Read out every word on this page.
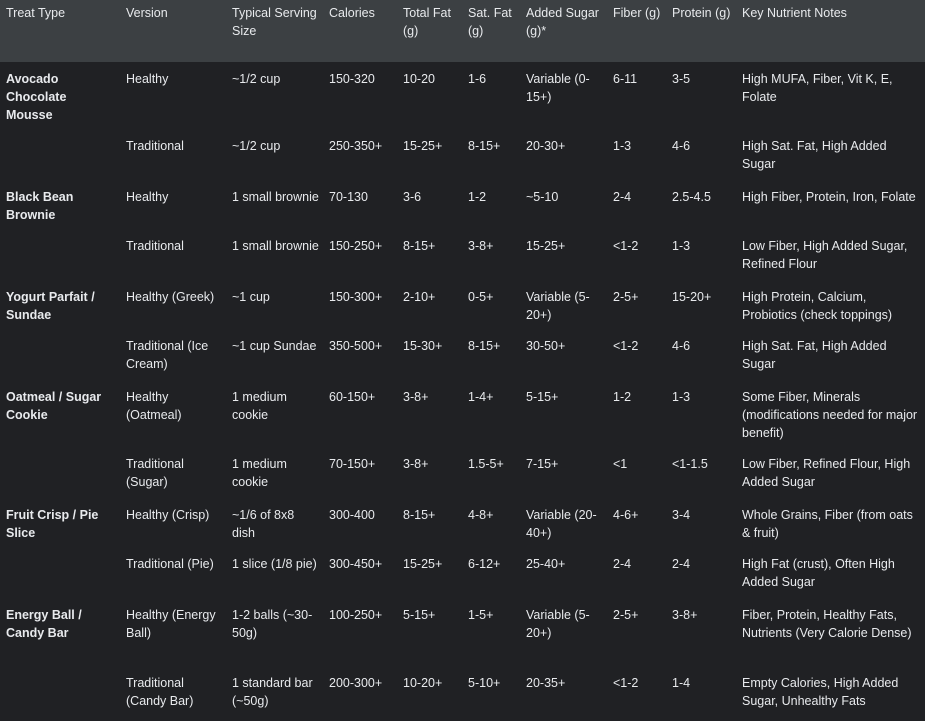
Treat Type	Version	Typical Serving Size	Calories	Total Fat (g)	Sat. Fat (g)	Added Sugar (g)*	Fiber (g)	Protein (g)	Key Nutrient Notes
Avocado Chocolate Mousse	Healthy	~1/2 cup	150-320	10-20	1-6	Variable (0-15+)	6-11	3-5	High MUFA, Fiber, Vit K, E, Folate
	Traditional	~1/2 cup	250-350+	15-25+	8-15+	20-30+	1-3	4-6	High Sat. Fat, High Added Sugar
Black Bean Brownie	Healthy	1 small brownie	70-130	3-6	1-2	~5-10	2-4	2.5-4.5	High Fiber, Protein, Iron, Folate
	Traditional	1 small brownie	150-250+	8-15+	3-8+	15-25+	<1-2	1-3	Low Fiber, High Added Sugar, Refined Flour
Yogurt Parfait / Sundae	Healthy (Greek)	~1 cup	150-300+	2-10+	0-5+	Variable (5-20+)	2-5+	15-20+	High Protein, Calcium, Probiotics (check toppings)
	Traditional (Ice Cream)	~1 cup Sundae	350-500+	15-30+	8-15+	30-50+	<1-2	4-6	High Sat. Fat, High Added Sugar
Oatmeal / Sugar Cookie	Healthy (Oatmeal)	1 medium cookie	60-150+	3-8+	1-4+	5-15+	1-2	1-3	Some Fiber, Minerals (modifications needed for major benefit)
	Traditional (Sugar)	1 medium cookie	70-150+	3-8+	1.5-5+	7-15+	<1	<1-1.5	Low Fiber, Refined Flour, High Added Sugar
Fruit Crisp / Pie Slice	Healthy (Crisp)	~1/6 of 8x8 dish	300-400	8-15+	4-8+	Variable (20-40+)	4-6+	3-4	Whole Grains, Fiber (from oats & fruit)
	Traditional (Pie)	1 slice (1/8 pie)	300-450+	15-25+	6-12+	25-40+	2-4	2-4	High Fat (crust), Often High Added Sugar
Energy Ball / Candy Bar	Healthy (Energy Ball)	1-2 balls (~30-50g)	100-250+	5-15+	1-5+	Variable (5-20+)	2-5+	3-8+	Fiber, Protein, Healthy Fats, Nutrients (Very Calorie Dense)
	Traditional (Candy Bar)	1 standard bar (~50g)	200-300+	10-20+	5-10+	20-35+	<1-2	1-4	Empty Calories, High Added Sugar, Unhealthy Fats
